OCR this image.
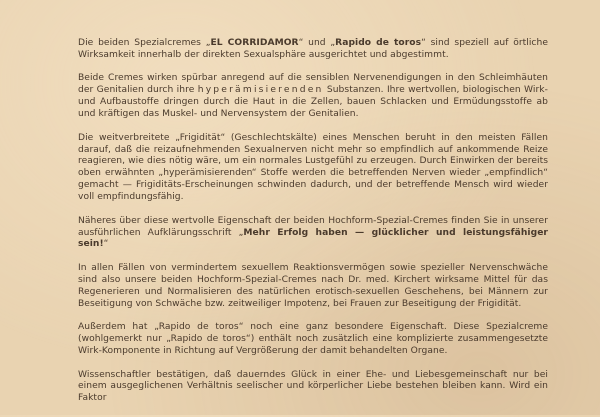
Die beiden Spezialcremes „EL CORRIDAMOR“ und „Rapido de toros“ sind speziell auf örtliche Wirksamkeit innerhalb der direkten Sexualsphäre ausgerichtet und abgestimmt.

Beide Cremes wirken spürbar anregend auf die sensiblen Nervenendigungen in den Schleimhäuten der Genitalien durch ihre hyperämisierenden Substanzen. Ihre wertvollen, biologischen Wirk- und Aufbaustoffe dringen durch die Haut in die Zellen, bauen Schlacken und Ermüdungsstoffe ab und kräftigen das Muskel- und Nervensystem der Genitalien.

Die weitverbreitete „Frigidität“ (Geschlechtskälte) eines Menschen beruht in den meisten Fällen darauf, daß die reizaufnehmenden Sexualnerven nicht mehr so empfindlich auf ankommende Reize reagieren, wie dies nötig wäre, um ein normales Lustgefühl zu erzeugen. Durch Einwirken der bereits oben erwähnten „hyperämisierenden“ Stoffe werden die betreffenden Nerven wieder „empfindlich“ gemacht — Frigiditäts-Erscheinungen schwinden dadurch, und der betreffende Mensch wird wieder voll empfindungsfähig.

Näheres über diese wertvolle Eigenschaft der beiden Hochform-Spezial-Cremes finden Sie in unserer ausführlichen Aufklärungsschrift „Mehr Erfolg haben — glücklicher und leistungsfähiger sein!“

In allen Fällen von vermindertem sexuellem Reaktionsvermögen sowie spezieller Nervenschwäche sind also unsere beiden Hochform-Spezial-Cremes nach Dr. med. Kirchert wirksame Mittel für das Regenerieren und Normalisieren des natürlichen erotisch-sexuellen Geschehens, bei Männern zur Beseitigung von Schwäche bzw. zeitweiliger Impotenz, bei Frauen zur Beseitigung der Frigidität.

Außerdem hat „Rapido de toros“ noch eine ganz besondere Eigenschaft. Diese Spezialcreme (wohlgemerkt nur „Rapido de toros“) enthält noch zusätzlich eine komplizierte zusammengesetzte Wirk-Komponente in Richtung auf Vergrößerung der damit behandelten Organe.

Wissenschaftler bestätigen, daß dauerndes Glück in einer Ehe- und Liebesgemeinschaft nur bei einem ausgeglichenen Verhältnis seelischer und körperlicher Liebe bestehen bleiben kann. Wird ein Faktor
